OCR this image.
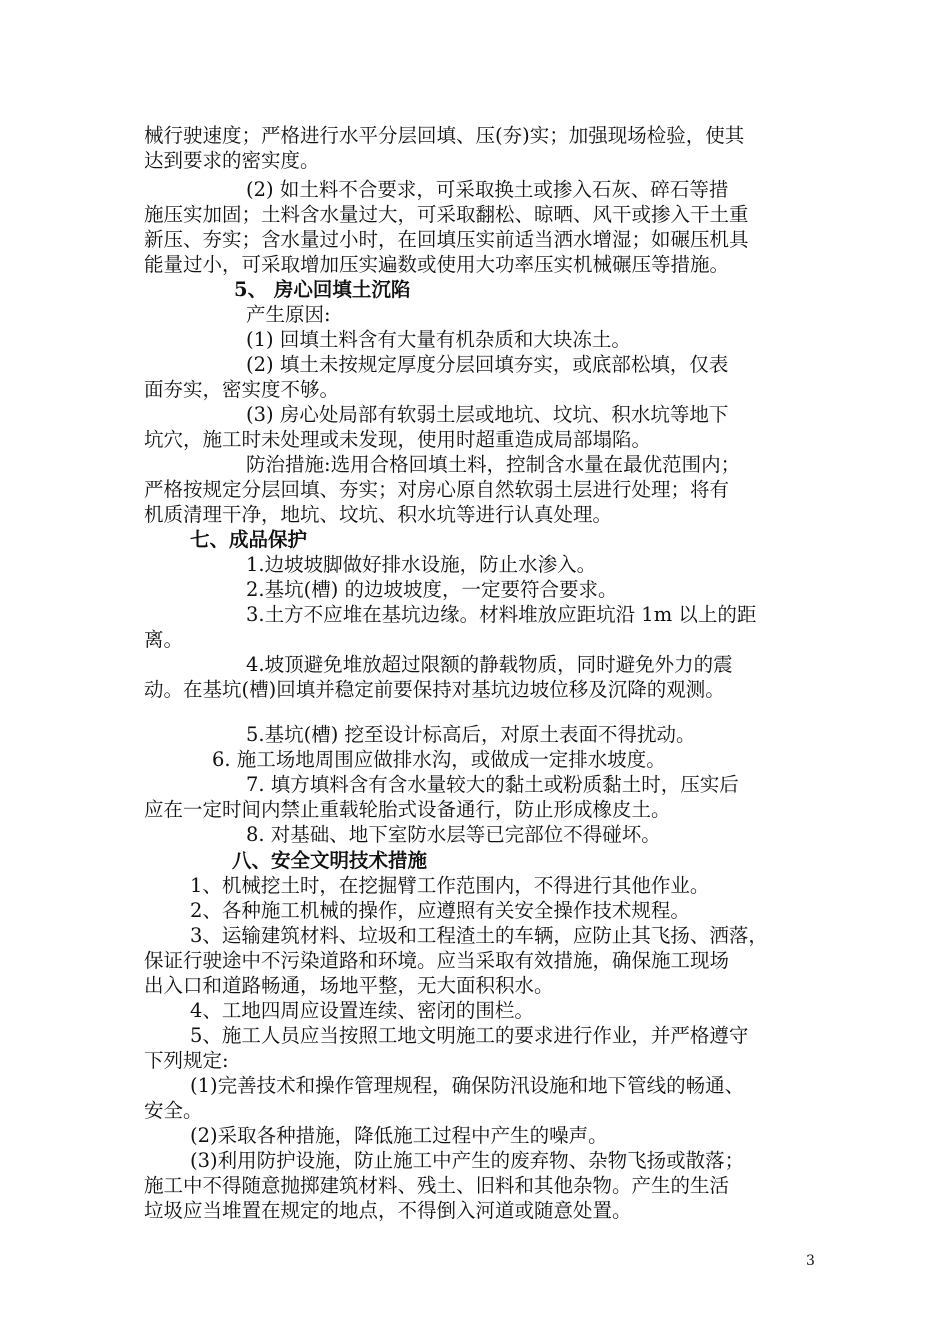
械行驶速度；严格进行水平分层回填、压(夯)实；加强现场检验，使其
达到要求的密实度。
(2) 如土料不合要求，可采取换土或掺入石灰、碎石等措
施压实加固；土料含水量过大，可采取翻松、晾晒、风干或掺入干土重
新压、夯实；含水量过小时，在回填压实前适当洒水增湿；如碾压机具
能量过小，可采取增加压实遍数或使用大功率压实机械碾压等措施。
5、 房心回填土沉陷
产生原因:
(1) 回填土料含有大量有机杂质和大块冻土。
(2) 填土未按规定厚度分层回填夯实，或底部松填，仅表
面夯实，密实度不够。
(3) 房心处局部有软弱土层或地坑、坟坑、积水坑等地下
坑穴，施工时未处理或未发现，使用时超重造成局部塌陷。
防治措施:选用合格回填土料，控制含水量在最优范围内；
严格按规定分层回填、夯实；对房心原自然软弱土层进行处理；将有
机质清理干净，地坑、坟坑、积水坑等进行认真处理。
七、成品保护
1.边坡坡脚做好排水设施，防止水渗入。
2.基坑(槽) 的边坡坡度，一定要符合要求。
3.土方不应堆在基坑边缘。材料堆放应距坑沿 1m 以上的距
离。
4.坡顶避免堆放超过限额的静载物质，同时避免外力的震
动。在基坑(槽)回填并稳定前要保持对基坑边坡位移及沉降的观测。
5.基坑(槽) 挖至设计标高后，对原土表面不得扰动。
6. 施工场地周围应做排水沟，或做成一定排水坡度。
7. 填方填料含有含水量较大的黏土或粉质黏土时，压实后
应在一定时间内禁止重载轮胎式设备通行，防止形成橡皮土。
8. 对基础、地下室防水层等已完部位不得碰坏。
八、安全文明技术措施
1、机械挖土时，在挖掘臂工作范围内，不得进行其他作业。
2、各种施工机械的操作，应遵照有关安全操作技术规程。
3、运输建筑材料、垃圾和工程渣土的车辆，应防止其飞扬、洒落，
保证行驶途中不污染道路和环境。应当采取有效措施，确保施工现场
出入口和道路畅通，场地平整，无大面积积水。
4、工地四周应设置连续、密闭的围栏。
5、施工人员应当按照工地文明施工的要求进行作业，并严格遵守
下列规定:
(1)完善技术和操作管理规程，确保防汛设施和地下管线的畅通、
安全。
(2)采取各种措施，降低施工过程中产生的噪声。
(3)利用防护设施，防止施工中产生的废弃物、杂物飞扬或散落；
施工中不得随意抛掷建筑材料、残土、旧料和其他杂物。产生的生活
垃圾应当堆置在规定的地点，不得倒入河道或随意处置。
3
